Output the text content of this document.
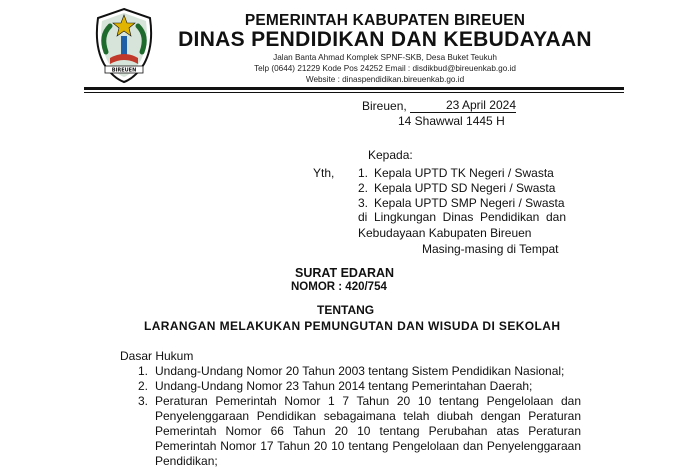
BIREUEN
PEMERINTAH KABUPATEN BIREUEN
DINAS PENDIDIKAN DAN KEBUDAYAAN
Jalan Banta Ahmad Komplek SPNF-SKB, Desa Buket Teukuh
Telp (0644) 21229 Kode Pos 24252 Email : disdikbud@bireuenkab.go.id
Website : dinaspendidikan.bireuenkab.go.id
Bireuen,	23 April 2024
14 Shawwal 1445 H
Kepada:
Yth, 1. Kepala UPTD TK Negeri / Swasta
2. Kepala UPTD SD Negeri / Swasta
3. Kepala UPTD SMP Negeri / Swasta
di Lingkungan Dinas Pendidikan dan
Kebudayaan Kabupaten Bireuen
Masing-masing di Tempat
SURAT EDARAN
NOMOR : 420/754
TENTANG
LARANGAN MELAKUKAN PEMUNGUTAN DAN WISUDA DI SEKOLAH
Dasar Hukum
1. Undang-Undang Nomor 20 Tahun 2003 tentang Sistem Pendidikan Nasional;
2. Undang-Undang Nomor 23 Tahun 2014 tentang Pemerintahan Daerah;
3. Peraturan Pemerintah Nomor 1 7 Tahun 20 10 tentang Pengelolaan dan
Penyelenggaraan Pendidikan sebagaimana telah diubah dengan Peraturan
Pemerintah Nomor 66 Tahun 20 10 tentang Perubahan atas Peraturan
Pemerintah Nomor 17 Tahun 20 10 tentang Pengelolaan dan Penyelenggaraan
Pendidikan;
